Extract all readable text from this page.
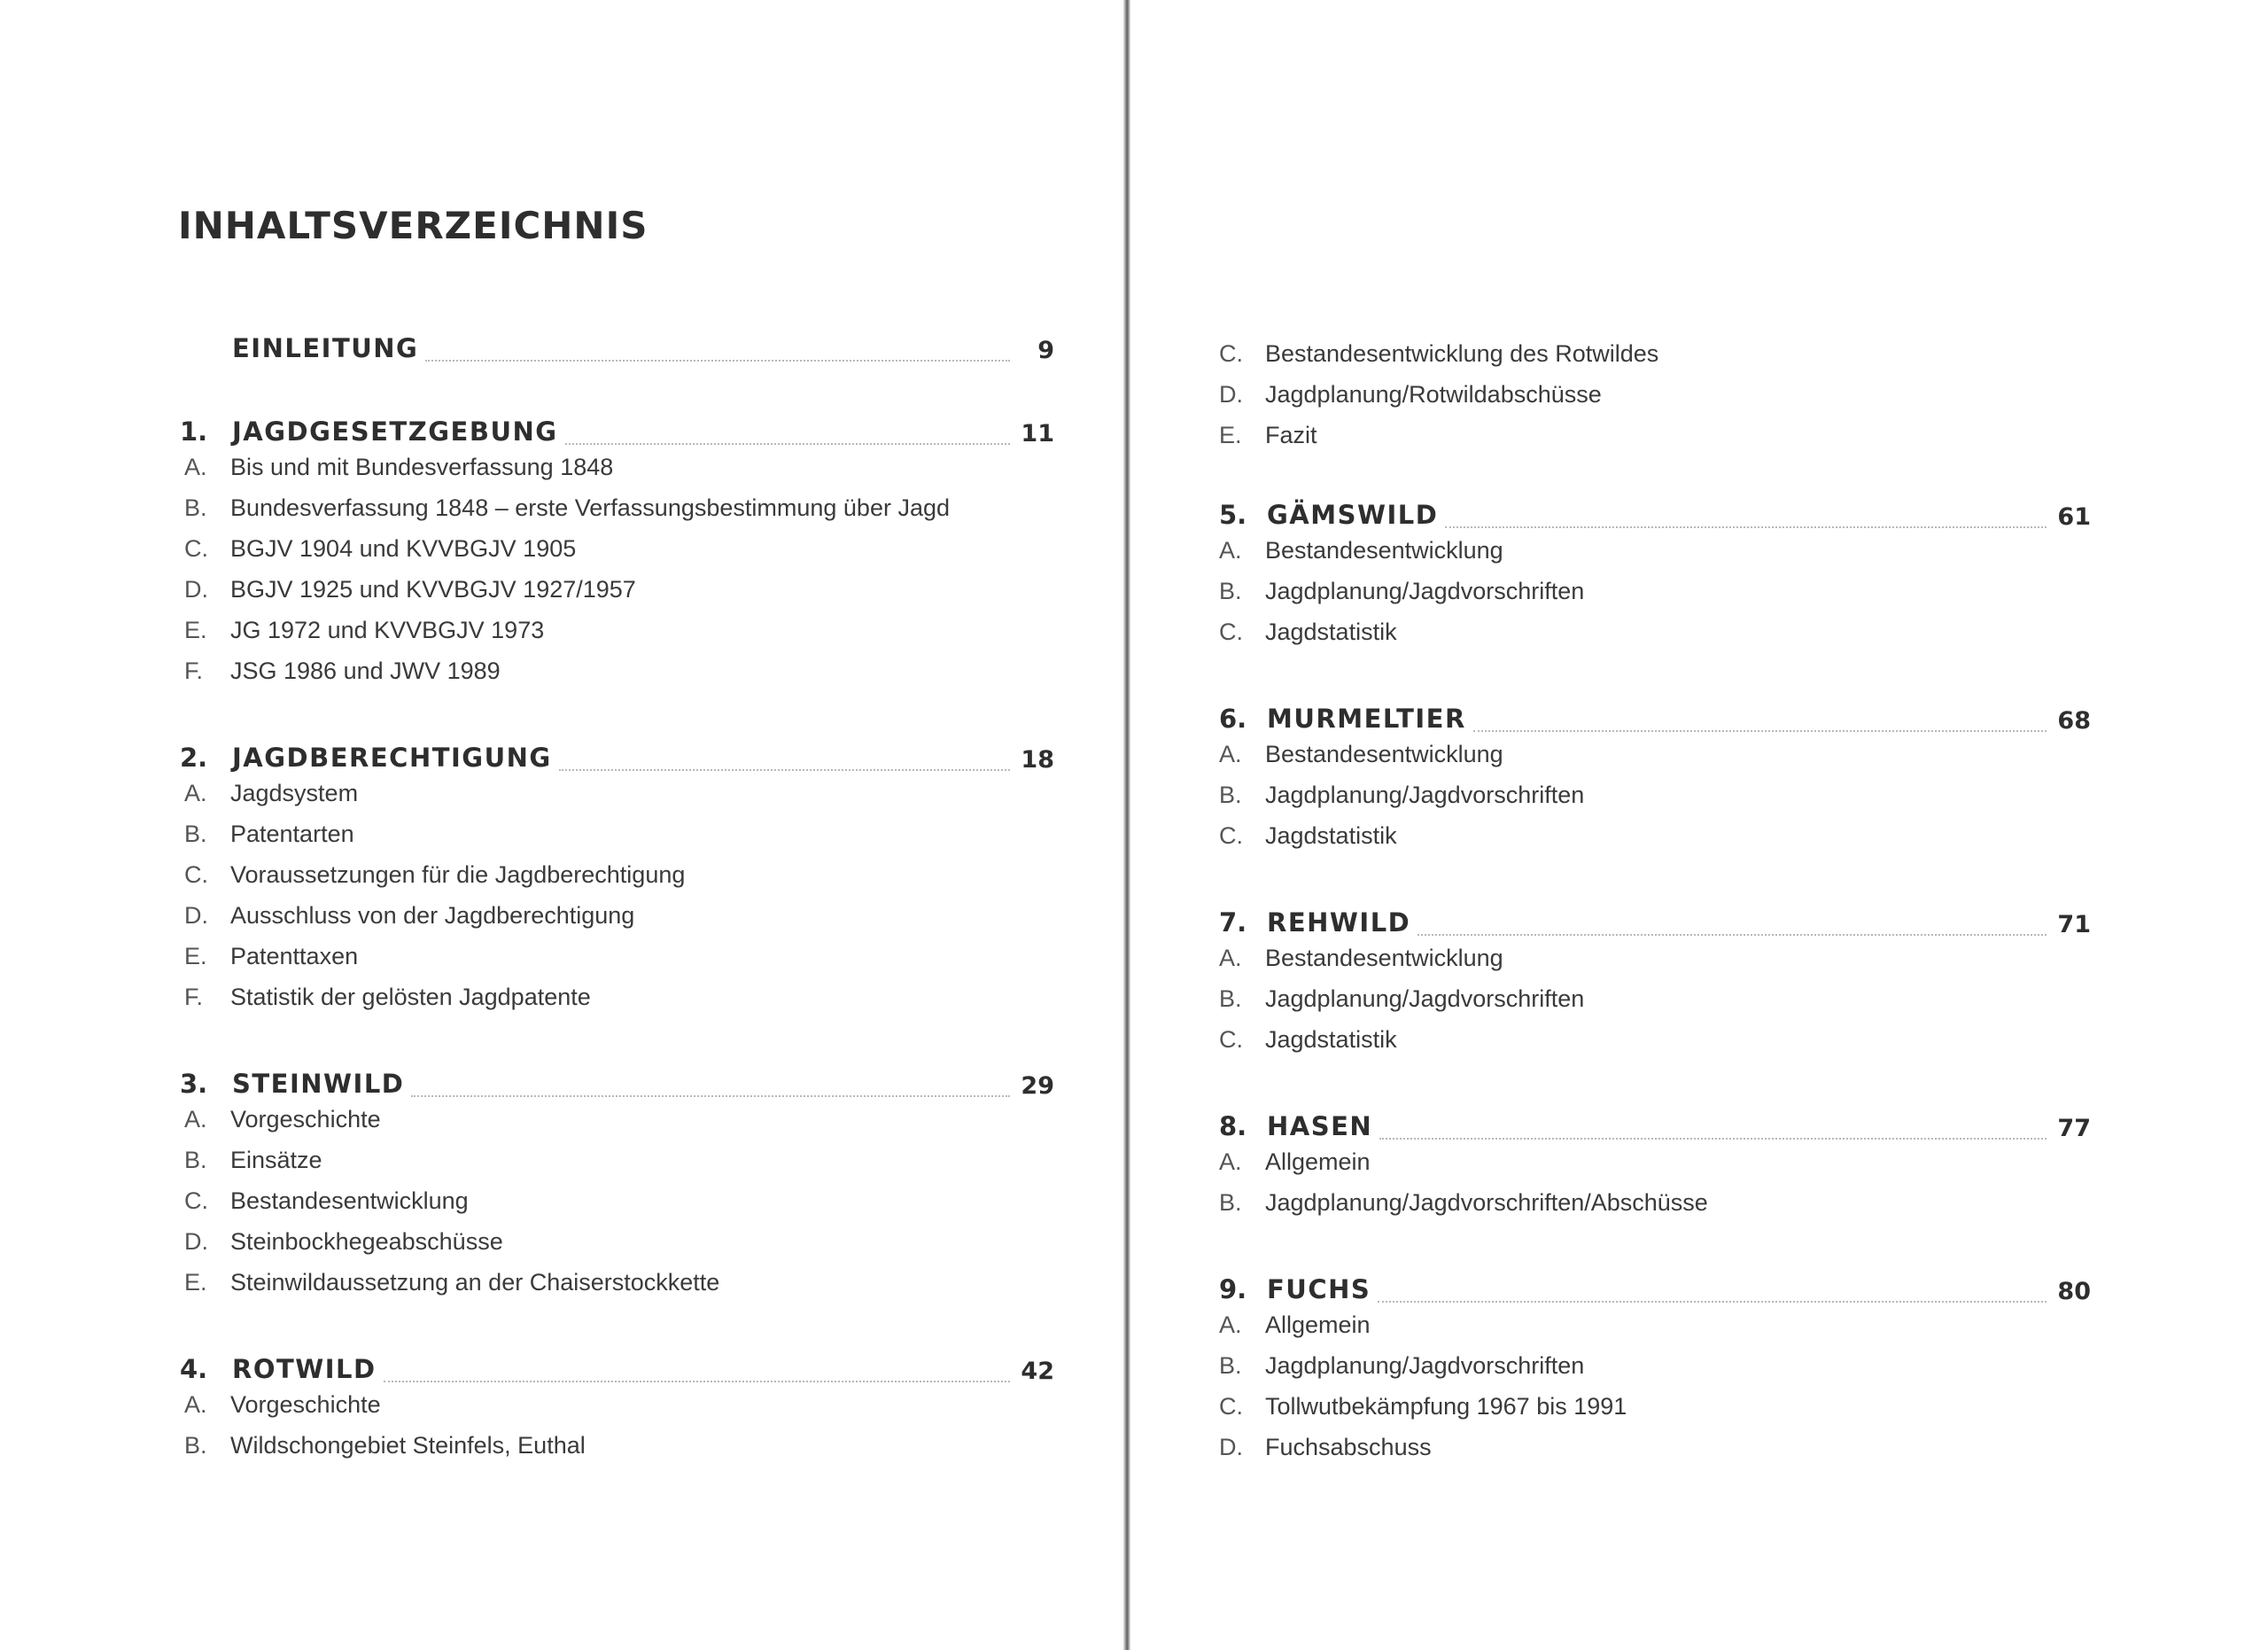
INHALTSVERZEICHNIS
EINLEITUNG	9
1. JAGDGESETZGEBUNG	11
A. Bis und mit Bundesverfassung 1848
B. Bundesverfassung 1848 – erste Verfassungsbestimmung über Jagd
C. BGJV 1904 und KVVBGJV 1905
D. BGJV 1925 und KVVBGJV 1927/1957
E. JG 1972 und KVVBGJV 1973
F. JSG 1986 und JWV 1989
2. JAGDBERECHTIGUNG	18
A. Jagdsystem
B. Patentarten
C. Voraussetzungen für die Jagdberechtigung
D. Ausschluss von der Jagdberechtigung
E. Patenttaxen
F. Statistik der gelösten Jagdpatente
3. STEINWILD	29
A. Vorgeschichte
B. Einsätze
C. Bestandesentwicklung
D. Steinbockhegeabschüsse
E. Steinwildaussetzung an der Chaiserstockkette
4. ROTWILD	42
A. Vorgeschichte
B. Wildschongebiet Steinfels, Euthal
C. Bestandesentwicklung des Rotwildes
D. Jagdplanung/Rotwildabschüsse
E. Fazit
5. GÄMSWILD	61
A. Bestandesentwicklung
B. Jagdplanung/Jagdvorschriften
C. Jagdstatistik
6. MURMELTIER	68
A. Bestandesentwicklung
B. Jagdplanung/Jagdvorschriften
C. Jagdstatistik
7. REHWILD	71
A. Bestandesentwicklung
B. Jagdplanung/Jagdvorschriften
C. Jagdstatistik
8. HASEN	77
A. Allgemein
B. Jagdplanung/Jagdvorschriften/Abschüsse
9. FUCHS	80
A. Allgemein
B. Jagdplanung/Jagdvorschriften
C. Tollwutbekämpfung 1967 bis 1991
D. Fuchsabschuss
